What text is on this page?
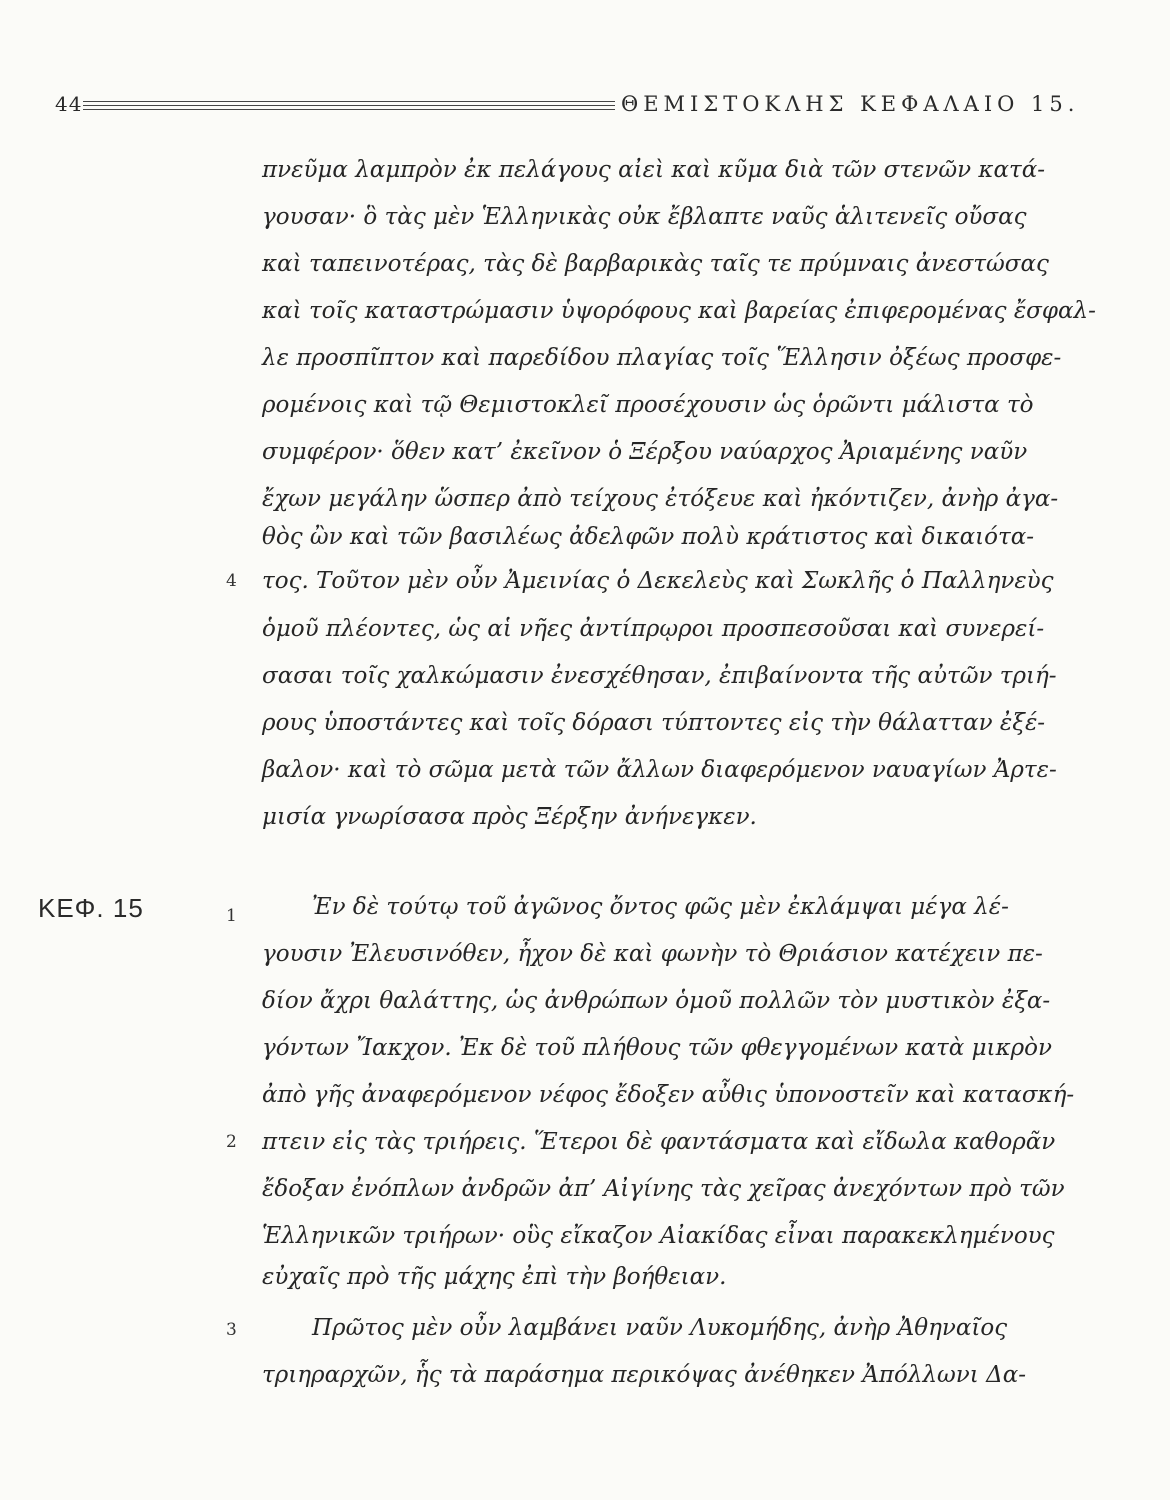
44	ΘΕΜΙΣΤΟΚΛΗΣ ΚΕΦΑΛΑΙΟ 15.
ΚΕΦ. 15
4
1
2
3
πνεῦμα λαμπρὸν ἐκ πελάγους αἰεὶ καὶ κῦμα διὰ τῶν στενῶν κατά-
γουσαν· ὃ τὰς μὲν Ἑλληνικὰς οὐκ ἔβλαπτε ναῦς ἁλιτενεῖς οὔσας
καὶ ταπεινοτέρας, τὰς δὲ βαρβαρικὰς ταῖς τε πρύμναις ἀνεστώσας
καὶ τοῖς καταστρώμασιν ὑψορόφους καὶ βαρείας ἐπιφερομένας ἔσφαλ-
λε προσπῖπτον καὶ παρεδίδου πλαγίας τοῖς Ἕλλησιν ὀξέως προσφε-
ρομένοις καὶ τῷ Θεμιστοκλεῖ προσέχουσιν ὡς ὁρῶντι μάλιστα τὸ
συμφέρον· ὅθεν κατ’ ἐκεῖνον ὁ Ξέρξου ναύαρχος Ἀριαμένης ναῦν
ἔχων μεγάλην ὥσπερ ἀπὸ τείχους ἐτόξευε καὶ ἠκόντιζεν, ἀνὴρ ἀγα-
θὸς ὢν καὶ τῶν βασιλέως ἀδελφῶν πολὺ κράτιστος καὶ δικαιότα-
τος. Τοῦτον μὲν οὖν Ἀμεινίας ὁ Δεκελεὺς καὶ Σωκλῆς ὁ Παλληνεὺς
ὁμοῦ πλέοντες, ὡς αἱ νῆες ἀντίπρῳροι προσπεσοῦσαι καὶ συνερεί-
σασαι τοῖς χαλκώμασιν ἐνεσχέθησαν, ἐπιβαίνοντα τῆς αὐτῶν τριή-
ρους ὑποστάντες καὶ τοῖς δόρασι τύπτοντες εἰς τὴν θάλατταν ἐξέ-
βαλον· καὶ τὸ σῶμα μετὰ τῶν ἄλλων διαφερόμενον ναυαγίων Ἀρτε-
μισία γνωρίσασα πρὸς Ξέρξην ἀνήνεγκεν.
Ἐν δὲ τούτῳ τοῦ ἀγῶνος ὄντος φῶς μὲν ἐκλάμψαι μέγα λέ-
γουσιν Ἐλευσινόθεν, ἦχον δὲ καὶ φωνὴν τὸ Θριάσιον κατέχειν πε-
δίον ἄχρι θαλάττης, ὡς ἀνθρώπων ὁμοῦ πολλῶν τὸν μυστικὸν ἐξα-
γόντων Ἴακχον. Ἐκ δὲ τοῦ πλήθους τῶν φθεγγομένων κατὰ μικρὸν
ἀπὸ γῆς ἀναφερόμενον νέφος ἔδοξεν αὖθις ὑπονοστεῖν καὶ κατασκή-
πτειν εἰς τὰς τριήρεις. Ἕτεροι δὲ φαντάσματα καὶ εἴδωλα καθορᾶν
ἔδοξαν ἐνόπλων ἀνδρῶν ἀπ’ Αἰγίνης τὰς χεῖρας ἀνεχόντων πρὸ τῶν
Ἑλληνικῶν τριήρων· οὓς εἴκαζον Αἰακίδας εἶναι παρακεκλημένους
εὐχαῖς πρὸ τῆς μάχης ἐπὶ τὴν βοήθειαν.
Πρῶτος μὲν οὖν λαμβάνει ναῦν Λυκομήδης, ἀνὴρ Ἀθηναῖος
τριηραρχῶν, ἧς τὰ παράσημα περικόψας ἀνέθηκεν Ἀπόλλωνι Δα-
